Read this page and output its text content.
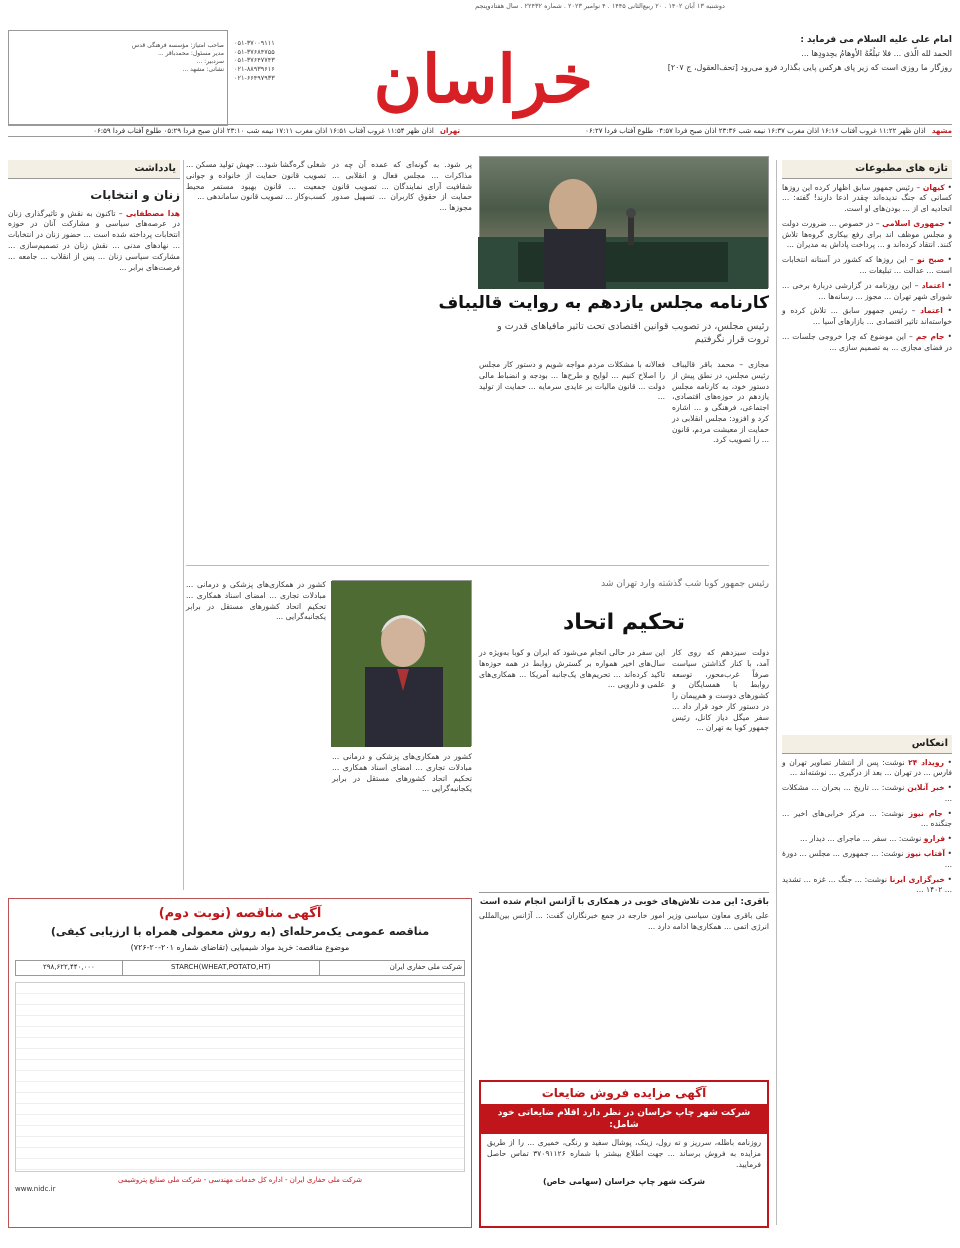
دوشنبه ۱۳ آبان ۱۴۰۲ . ۲۰ ربیع‌الثانی ۱۴۴۵ . ۴ نوامبر ۲۰۲۳ . شماره ۲۲۴۳۲ . سال هفتاد‌وپنجم

صاحب امتیاز: مؤسسه فرهنگی قدس
مدیر مسئول: محمد‌باقر ...
سردبیر: ...
نشانی: مشهد ...

۰۵۱-۳۷۰۰۹۱۱۱
۰۵۱-۳۷۶۸۴۷۵۵
۰۵۱-۳۷۶۴۷۷۴۳
۰۲۱-۸۸۹۳۹۶۱۶
۰۲۱-۶۶۴۹۷۹۳۳	خراسان	امام علی علیه السلام می فرماید :
الحمد لله‌ الّذی ... فلا تبلُغُهُ الأوهامُ بحِدودِها ...
روزگار ما روزی است که زیر پای هرکس پایی بگذارد فرو می‌رود [تحف‌العقول، ج ۲۰۷]
مشهد اذان ظهر ۱۱:۲۲ غروب آفتاب ۱۶:۱۶ اذان مغرب ۱۶:۳۷ نیمه شب ۲۳:۳۶ اذان صبح فردا ۰۴:۵۷ طلوع آفتاب فردا ۰۶:۲۷
تهران اذان ظهر ۱۱:۵۴ غروب آفتاب ۱۶:۵۱ اذان مغرب ۱۷:۱۱ نیمه شب ۲۳:۱۰ اذان صبح فردا ۰۵:۲۹ طلوع آفتاب فردا ۰۶:۵۹
تازه های مطبوعات
• کیهان – رئیس جمهور سابق اظهار کرده این روزها کسانی که جنگ ندیده‌اند چقدر ادعا دارند! گفته: ... اتحادیه ای از ... بودن‌های او است.
• جمهوری اسلامی – در خصوص ... ضرورت دولت و مجلس موظف اند برای رفع بیکاری گروه‌ها تلاش کنند. انتقاد کرده‌اند و ... پرداخت پاداش به مدیران ...
• صبح نو – این روزها که کشور در آستانه انتخابات است ... عدالت ... تبلیغات ...
• اعتماد – این روزنامه در گزارشی دربارهٔ برخی ... شورای شهر تهران ... مجوز ... رسانه‌ها ...
• اعتماد – رئیس جمهور سابق ... تلاش کرده و خواسته‌اند تاثیر اقتصادی ... بازارهای آسیا ...
• جام جم – این موضوع که چرا خروجی جلسات ... در فضای مجازی ... به تصمیم سازی ...
انعکاس
• رویداد ۲۴ نوشت: پس از انتشار تصاویر تهران و فارس ... در تهران ... بعد از درگیری ... نوشته‌اند ...
• خبر آنلاین نوشت: ... تاریخ ... بحران ... مشکلات ...
• جام نیوز نوشت: ... مرکز خرابی‌های اخیر ... جنگنده ...
• فرارو نوشت: ... سفر ... ماجرای ... دیدار ...
• آفتاب نیوز نوشت: ... جمهوری ... مجلس ... دورهٔ ...
• خبرگزاری ایرنا نوشت: ... جنگ ... غزه ... تشدید ... ۱۴۰۲ ...
کارنامه مجلس یازدهم به روایت قالیباف
رئیس مجلس، در تصویب قوانین اقتصادی تحت تاثیر مافیاهای قدرت و ثروت قرار نگرفتیم
مجازی – محمد باقر قالیباف رئیس مجلس، در نطق پیش از دستور خود، به کارنامه مجلس یازدهم در حوزه‌های اقتصادی، اجتماعی، فرهنگی و ... اشاره کرد و افزود: مجلس انقلابی در حمایت از معیشت مردم، قانون ... را تصویب کرد.
فعالانه با مشکلات مردم مواجه شویم و دستور کار مجلس را اصلاح کنیم ... لوایح و طرح‌ها ... بودجه و انضباط مالی دولت ... قانون مالیات بر عایدی سرمایه ... حمایت از تولید ...
پر شود. به گونه‌ای که عمده آن چه در مذاکرات ... مجلس فعال و انقلابی ... شفافیت آرای نمایندگان ... تصویب قانون حمایت از حقوق کاربران ... تسهیل صدور مجوزها ...
شغلی گره‌گشا شود... جهش تولید مسکن ... تصویب قانون حمایت از خانواده و جوانی جمعیت ... قانون بهبود مستمر محیط کسب‌وکار ... تصویب قانون ساماندهی ...
رئیس جمهور کوبا شب گذشته وارد تهران شد
تحکیم اتحاد
دولت سیزدهم که روی کار آمد، با کنار گذاشتن سیاست صرفاً غرب‌محور، توسعه روابط با همسایگان و کشورهای دوست و هم‌پیمان را در دستور کار خود قرار داد ... سفر میگل دیاز کانل، رئیس جمهور کوبا به تهران ...
این سفر در حالی انجام می‌شود که ایران و کوبا به‌ویژه در سال‌های اخیر همواره بر گسترش روابط در همه حوزه‌ها تاکید کرده‌اند ... تحریم‌های یک‌جانبه آمریکا ... همکاری‌های علمی و دارویی ...
کشور در همکاری‌های پزشکی و درمانی ... مبادلات تجاری ... امضای اسناد همکاری ... تحکیم اتحاد کشورهای مستقل در برابر یکجانبه‌گرایی ...
کشور در همکاری‌های پزشکی و درمانی ... مبادلات تجاری ... امضای اسناد همکاری ... تحکیم اتحاد کشورهای مستقل در برابر یکجانبه‌گرایی ...
باقری: این مدت تلاش‌های خوبی در همکاری با آژانس انجام شده است
علی باقری معاون سیاسی وزیر امور خارجه در جمع خبرنگاران گفت: ... آژانس بین‌المللی انرژی اتمی ... همکاری‌ها ادامه دارد ...
یادداشت
زنان و انتخابات
هدا مصطفایی – تاکنون به نقش و تاثیرگذاری زنان در عرصه‌های سیاسی و مشارکت آنان در حوزه انتخابات پرداخته شده است ... حضور زنان در انتخابات ... نهادهای مدنی ... نقش زنان در تصمیم‌سازی ... مشارکت سیاسی زنان ... پس از انقلاب ... جامعه ... فرصت‌های برابر ...
آگهی مناقصه (نوبت دوم)
مناقصه عمومی یک‌مرحله‌ای (به روش معمولی همراه با ارزیابی کیفی)
موضوع مناقصه: خرید مواد شیمیایی (تقاضای شماره ۲۰۱-۲۰-۷۲۶)
شرکت ملی حفاری ایران	STARCH(WHEAT,POTATO,HT)	۲۹۸,۶۲۲,۴۴۰,۰۰۰
شرکت ملی حفاری ایران - اداره کل خدمات مهندسی - شرکت ملی صنایع پتروشیمی
www.nidc.ir
آگهی مزایده فروش ضایعات
شرکت شهر چاپ خراسان در نظر دارد اقلام ضایعاتی خود شامل:
روزنامه باطله، سرریز و ته رول، زینک، پوشال سفید و رنگی، خمیری ... را از طریق مزایده به فروش برساند ... جهت اطلاع بیشتر با شماره ۳۷۰۹۱۱۲۶ تماس حاصل فرمایید.
شرکت شهر چاپ خراسان (سهامی خاص)
